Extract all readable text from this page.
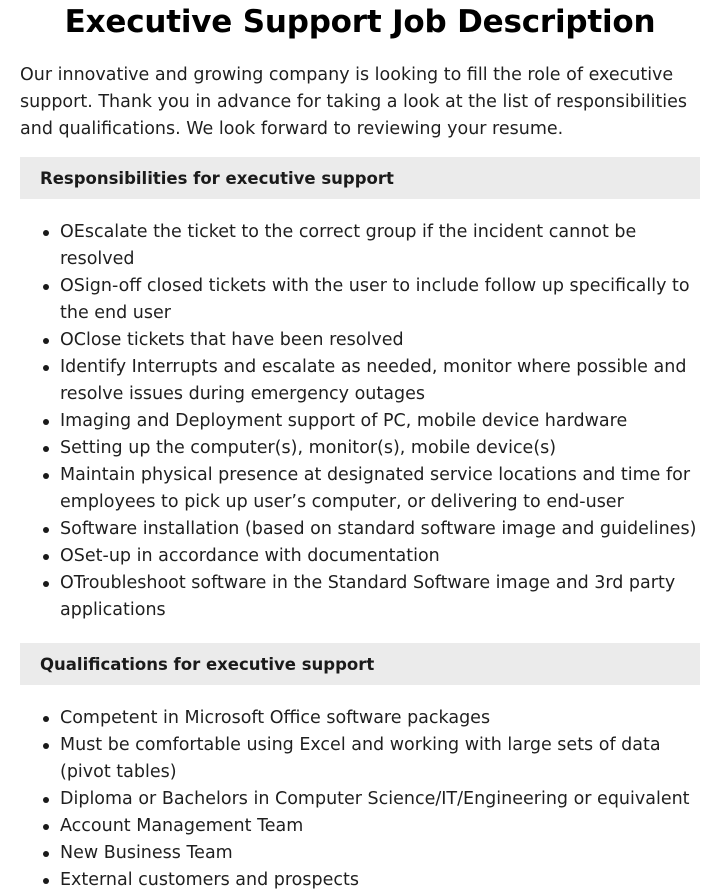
Executive Support Job Description

Our innovative and growing company is looking to fill the role of executive support. Thank you in advance for taking a look at the list of responsibilities and qualifications. We look forward to reviewing your resume.

Responsibilities for executive support
OEscalate the ticket to the correct group if the incident cannot be resolved
OSign-off closed tickets with the user to include follow up specifically to the end user
OClose tickets that have been resolved
Identify Interrupts and escalate as needed, monitor where possible and resolve issues during emergency outages
Imaging and Deployment support of PC, mobile device hardware
Setting up the computer(s), monitor(s), mobile device(s)
Maintain physical presence at designated service locations and time for employees to pick up user’s computer, or delivering to end-user
Software installation (based on standard software image and guidelines)
OSet-up in accordance with documentation
OTroubleshoot software in the Standard Software image and 3rd party applications
Qualifications for executive support
Competent in Microsoft Office software packages
Must be comfortable using Excel and working with large sets of data (pivot tables)
Diploma or Bachelors in Computer Science/IT/Engineering or equivalent
Account Management Team
New Business Team
External customers and prospects
